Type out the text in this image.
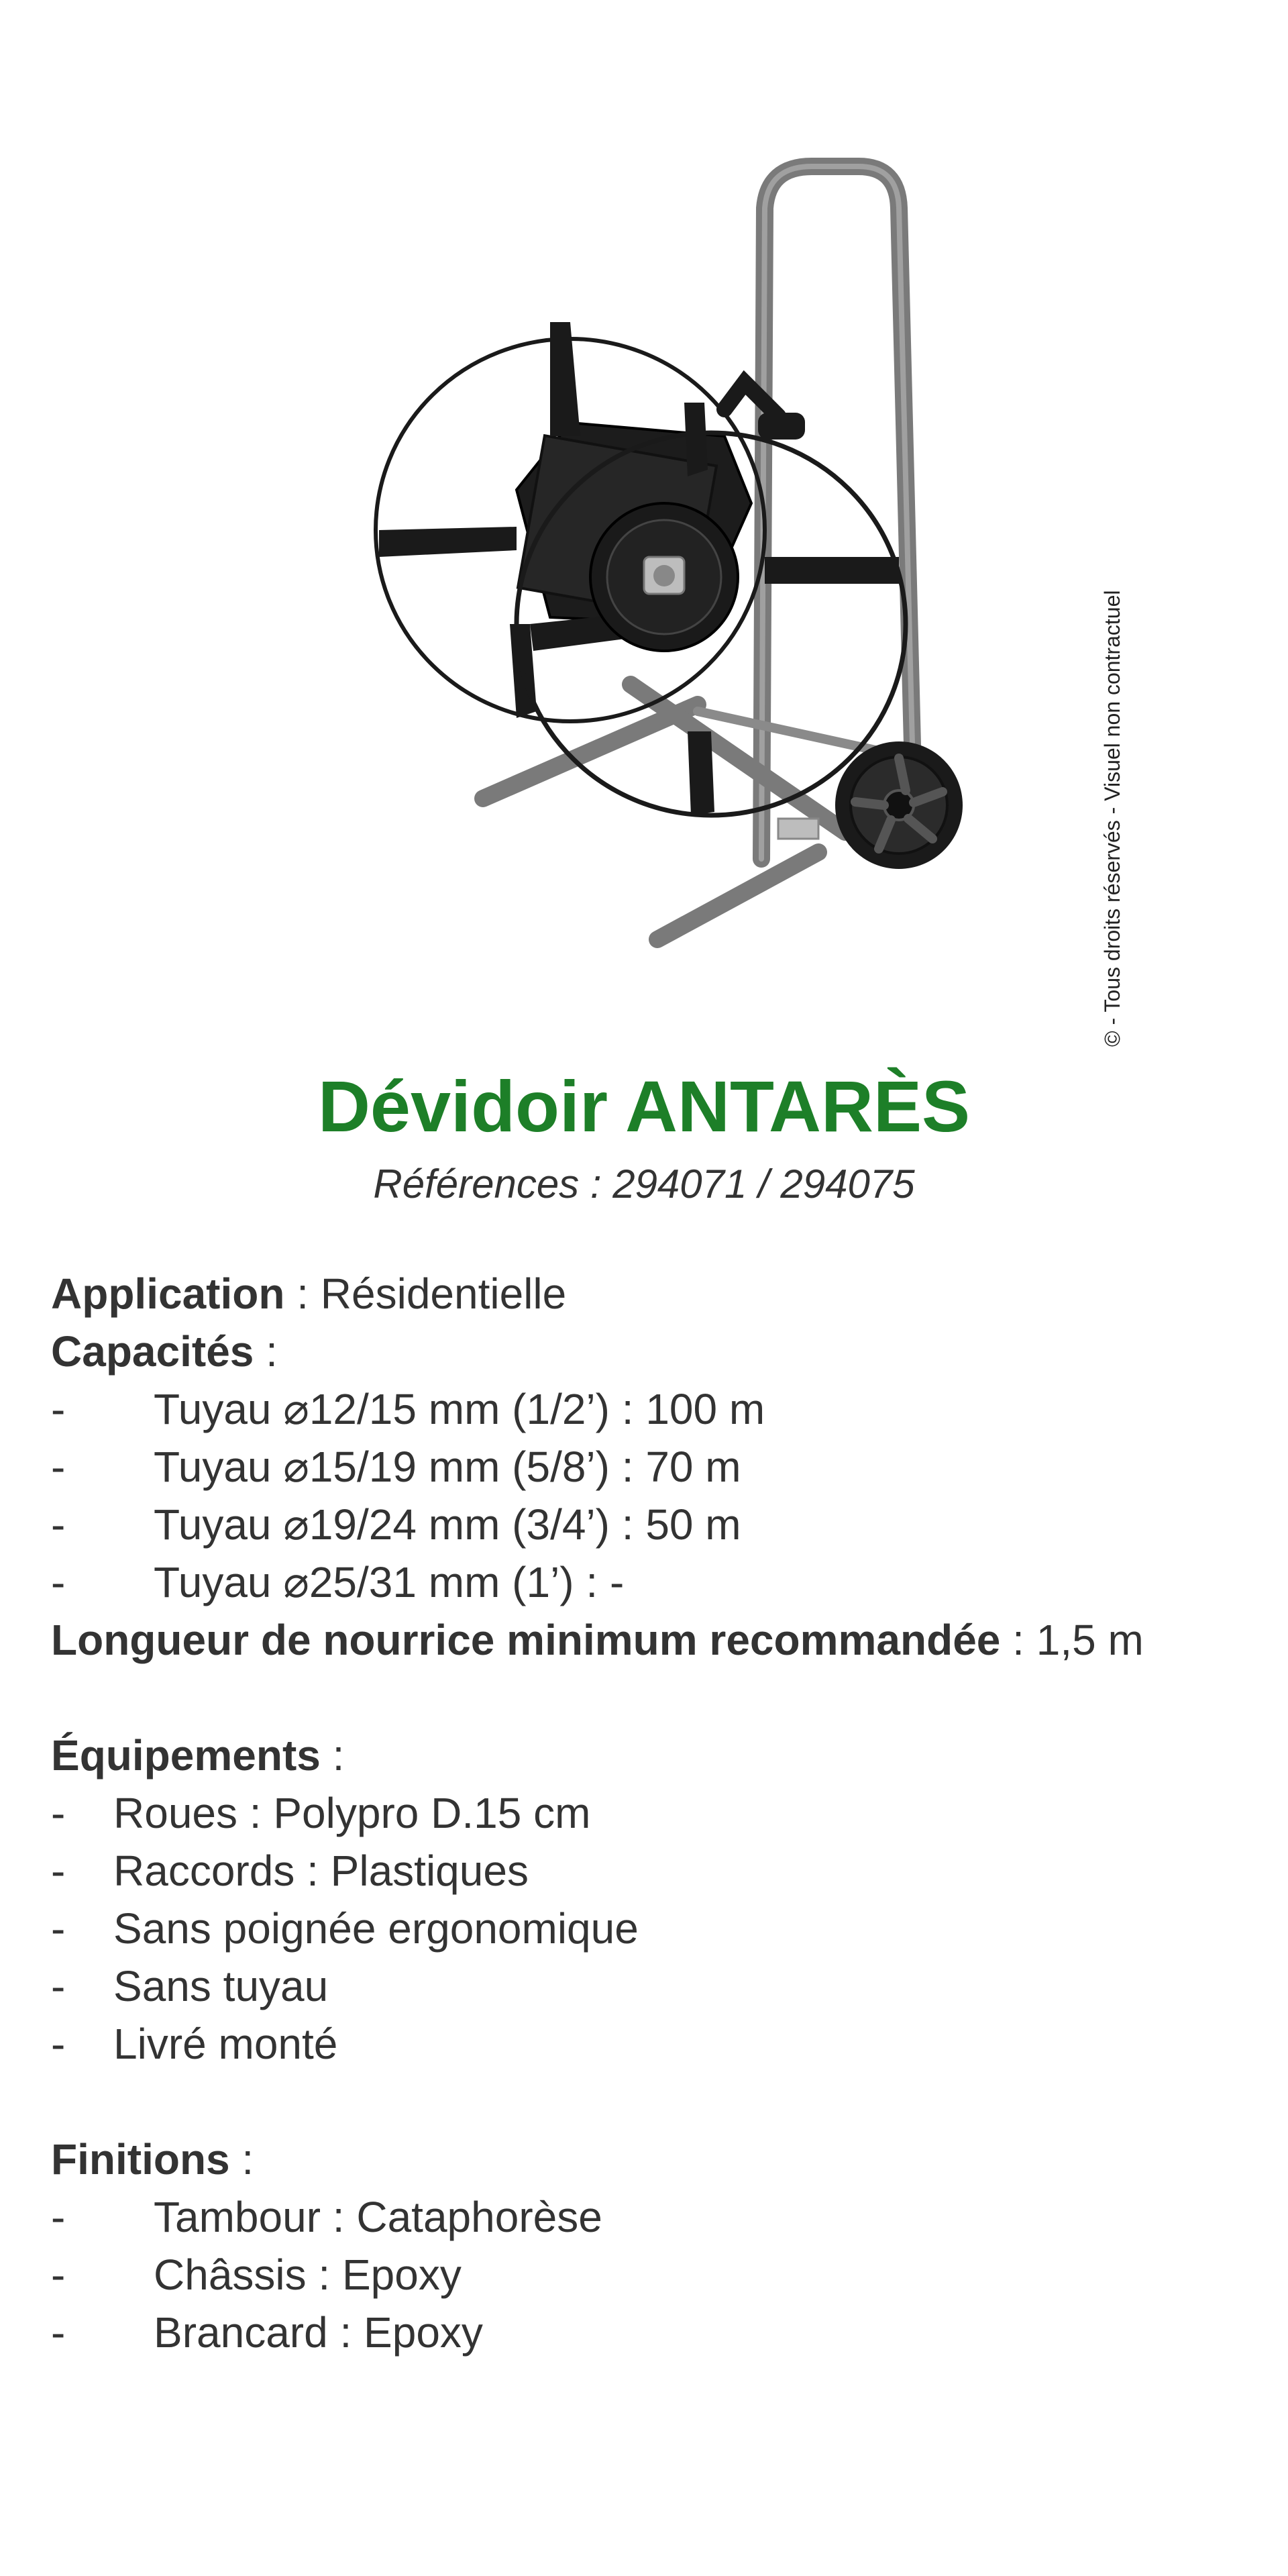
© - Tous droits réservés - Visuel non contractuel
Dévidoir ANTARÈS
Références : 294071 / 294075
Application : Résidentielle
Capacités :
- Tuyau ⌀12/15 mm (1/2’) : 100 m
- Tuyau ⌀15/19 mm (5/8’) : 70 m
- Tuyau ⌀19/24 mm (3/4’) : 50 m
- Tuyau ⌀25/31 mm (1’) : -
Longueur de nourrice minimum recommandée : 1,5 m
Équipements :
- Roues : Polypro D.15 cm
- Raccords : Plastiques
- Sans poignée ergonomique
- Sans tuyau
- Livré monté
Finitions :
- Tambour : Cataphorèse
- Châssis : Epoxy
- Brancard : Epoxy
